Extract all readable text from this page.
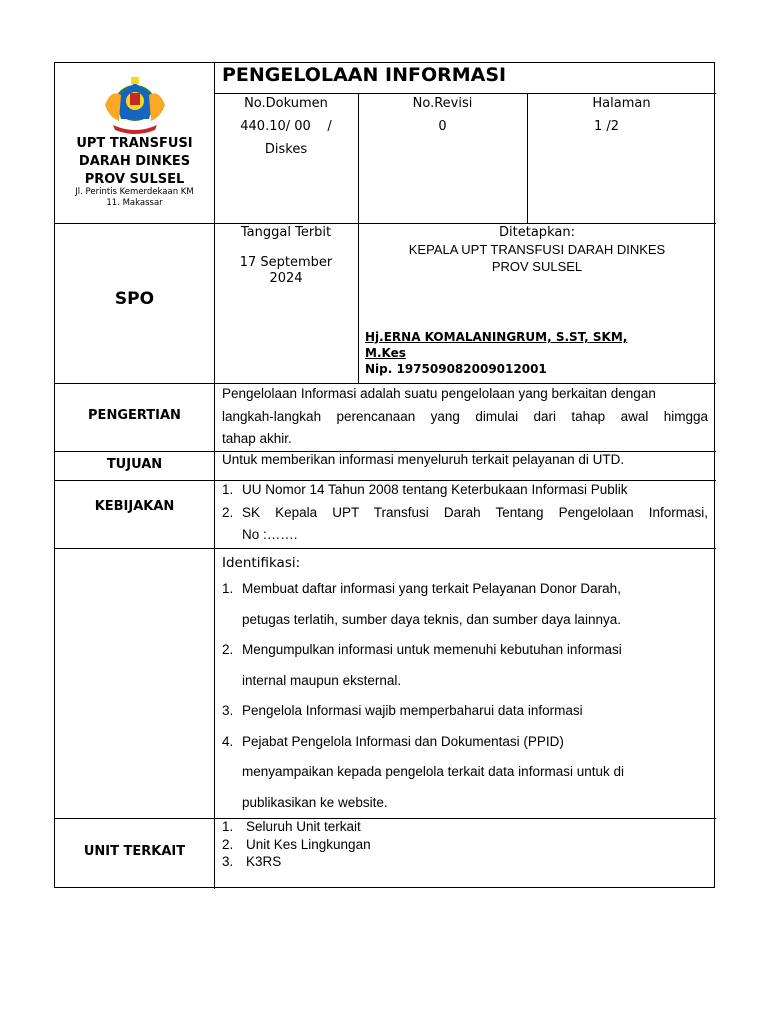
UPT TRANSFUSI
DARAH DINKES
PROV SULSEL
Jl. Perintis Kemerdekaan KM
11. Makassar
PENGELOLAAN INFORMASI
No.Dokumen
440.10/ 00    /
Diskes
No.Revisi
0
Halaman
1 /2
SPO
Tanggal Terbit
17 September
2024
Ditetapkan:
KEPALA UPT TRANSFUSI DARAH DINKES
PROV SULSEL
Hj.ERNA KOMALANINGRUM, S.ST, SKM,
M.Kes
Nip. 197509082009012001
PENGERTIAN
Pengelolaan Informasi adalah suatu pengelolaan yang berkaitan dengan
langkah-langkah perencanaan yang dimulai dari tahap awal himgga
tahap akhir.
TUJUAN	Untuk memberikan informasi menyeluruh terkait pelayanan di UTD.
KEBIJAKAN
1. UU Nomor 14 Tahun 2008 tentang Keterbukaan Informasi Publik
2. SK Kepala UPT Transfusi Darah Tentang Pengelolaan Informasi,
No :…….
Identifikasi:
1. Membuat daftar informasi yang terkait Pelayanan Donor Darah,
petugas terlatih, sumber daya teknis, dan sumber daya lainnya.
2. Mengumpulkan informasi untuk memenuhi kebutuhan informasi
internal maupun eksternal.
3. Pengelola Informasi wajib memperbaharui data informasi
4. Pejabat Pengelola Informasi dan Dokumentasi (PPID)
menyampaikan kepada pengelola terkait data informasi untuk di
publikasikan ke website.
UNIT TERKAIT
1. Seluruh Unit terkait
2. Unit Kes Lingkungan
3. K3RS
